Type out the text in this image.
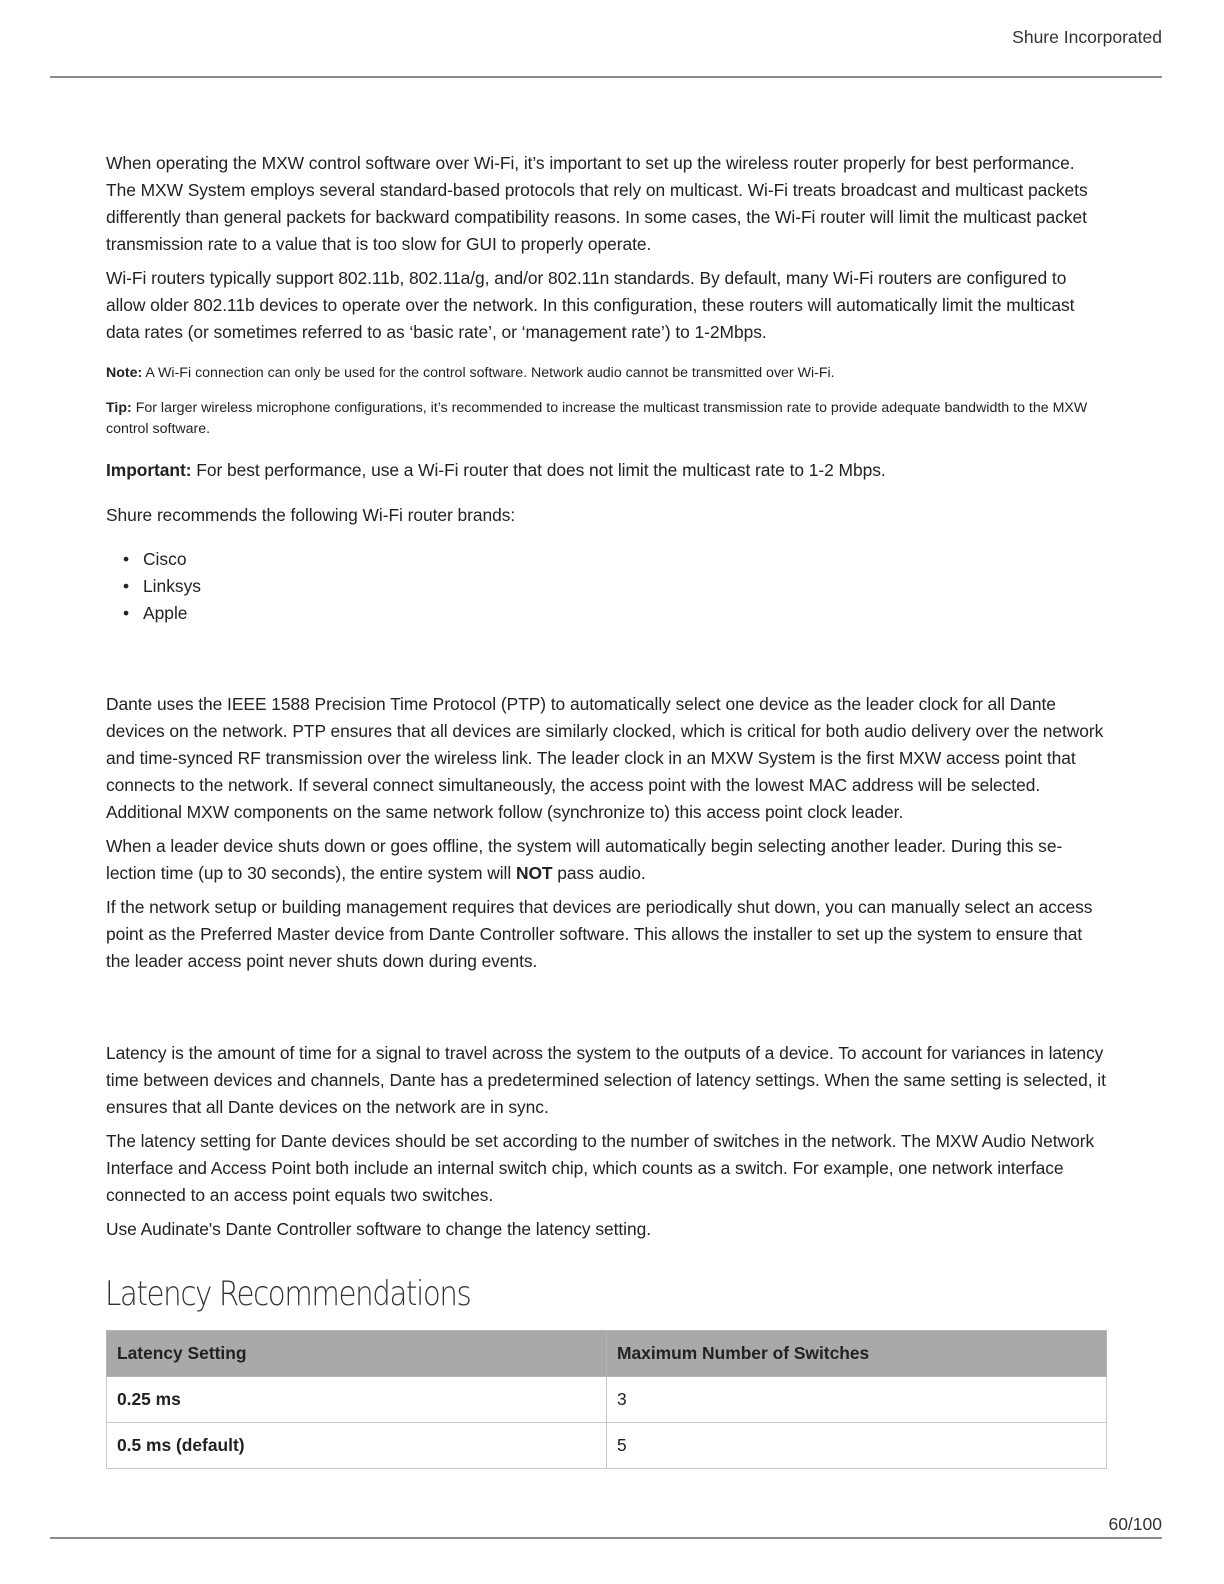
Shure Incorporated

When operating the MXW control software over Wi-Fi, it’s important to set up the wireless router properly for best performance. The MXW System employs several standard-based protocols that rely on multicast. Wi-Fi treats broadcast and multicast packets differently than general packets for backward compatibility reasons. In some cases, the Wi-Fi router will limit the multicast packet transmission rate to a value that is too slow for GUI to properly operate.

Wi-Fi routers typically support 802.11b, 802.11a/g, and/or 802.11n standards. By default, many Wi-Fi routers are configured to allow older 802.11b devices to operate over the network. In this configuration, these routers will automatically limit the multicast data rates (or sometimes referred to as ‘basic rate’, or ‘management rate’) to 1-2Mbps.

Note: A Wi-Fi connection can only be used for the control software. Network audio cannot be transmitted over Wi-Fi.

Tip: For larger wireless microphone configurations, it’s recommended to increase the multicast transmission rate to provide adequate bandwidth to the MXW control software.

Important: For best performance, use a Wi-Fi router that does not limit the multicast rate to 1-2 Mbps.

Shure recommends the following Wi-Fi router brands:

• Cisco
• Linksys
• Apple

Dante uses the IEEE 1588 Precision Time Protocol (PTP) to automatically select one device as the leader clock for all Dante devices on the network. PTP ensures that all devices are similarly clocked, which is critical for both audio delivery over the network and time-synced RF transmission over the wireless link. The leader clock in an MXW System is the first MXW access point that connects to the network. If several connect simultaneously, the access point with the lowest MAC address will be selected. Additional MXW components on the same network follow (synchronize to) this access point clock leader.

When a leader device shuts down or goes offline, the system will automatically begin selecting another leader. During this selection time (up to 30 seconds), the entire system will NOT pass audio.

If the network setup or building management requires that devices are periodically shut down, you can manually select an access point as the Preferred Master device from Dante Controller software. This allows the installer to set up the system to ensure that the leader access point never shuts down during events.

Latency is the amount of time for a signal to travel across the system to the outputs of a device. To account for variances in latency time between devices and channels, Dante has a predetermined selection of latency settings. When the same setting is selected, it ensures that all Dante devices on the network are in sync.

The latency setting for Dante devices should be set according to the number of switches in the network. The MXW Audio Network Interface and Access Point both include an internal switch chip, which counts as a switch. For example, one network interface connected to an access point equals two switches.

Use Audinate's Dante Controller software to change the latency setting.

Latency Recommendations
Latency Setting	Maximum Number of Switches
0.25 ms	3
0.5 ms (default)	5
60/100
